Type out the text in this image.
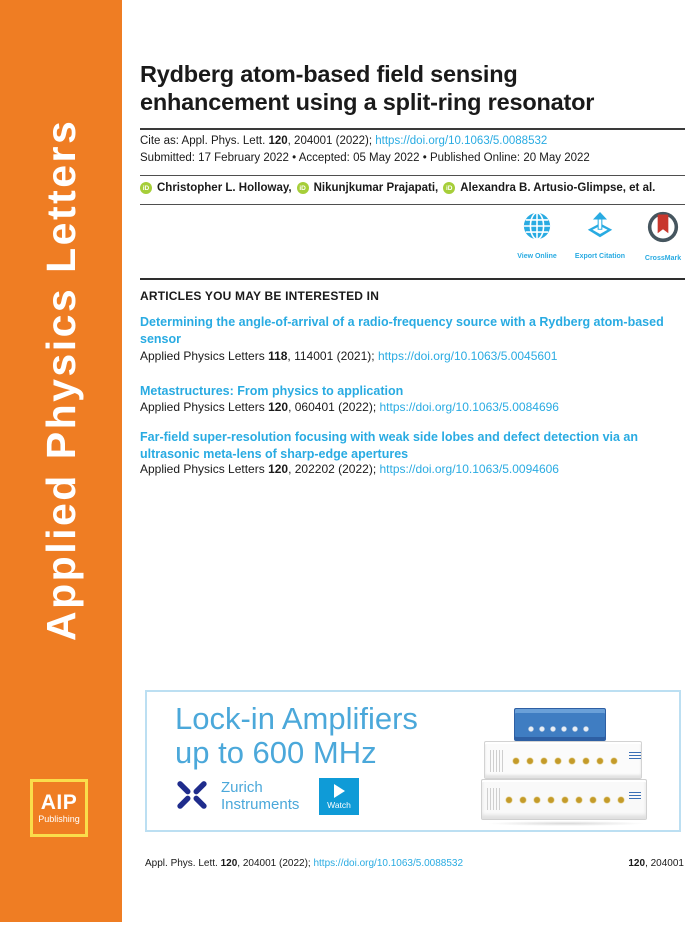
Applied Physics Letters
AIP
Publishing
Rydberg atom-based field sensing
enhancement using a split-ring resonator
Cite as: Appl. Phys. Lett. 120, 204001 (2022); https://doi.org/10.1063/5.0088532
Submitted: 17 February 2022 • Accepted: 05 May 2022 • Published Online: 20 May 2022
iD Christopher L. Holloway,	iD Nikunjkumar Prajapati,	iD Alexandra B. Artusio-Glimpse, et al.
View Online	Export Citation	CrossMark
ARTICLES YOU MAY BE INTERESTED IN
Determining the angle-of-arrival of a radio-frequency source with a Rydberg atom-based sensor
Applied Physics Letters 118, 114001 (2021); https://doi.org/10.1063/5.0045601
Metastructures: From physics to application
Applied Physics Letters 120, 060401 (2022); https://doi.org/10.1063/5.0084696
Far-field super-resolution focusing with weak side lobes and defect detection via an ultrasonic meta-lens of sharp-edge apertures
Applied Physics Letters 120, 202202 (2022); https://doi.org/10.1063/5.0094606
Lock-in Amplifiers
up to 600 MHz
Zurich
Instruments	Watch
Appl. Phys. Lett. 120, 204001 (2022); https://doi.org/10.1063/5.0088532	120, 204001
